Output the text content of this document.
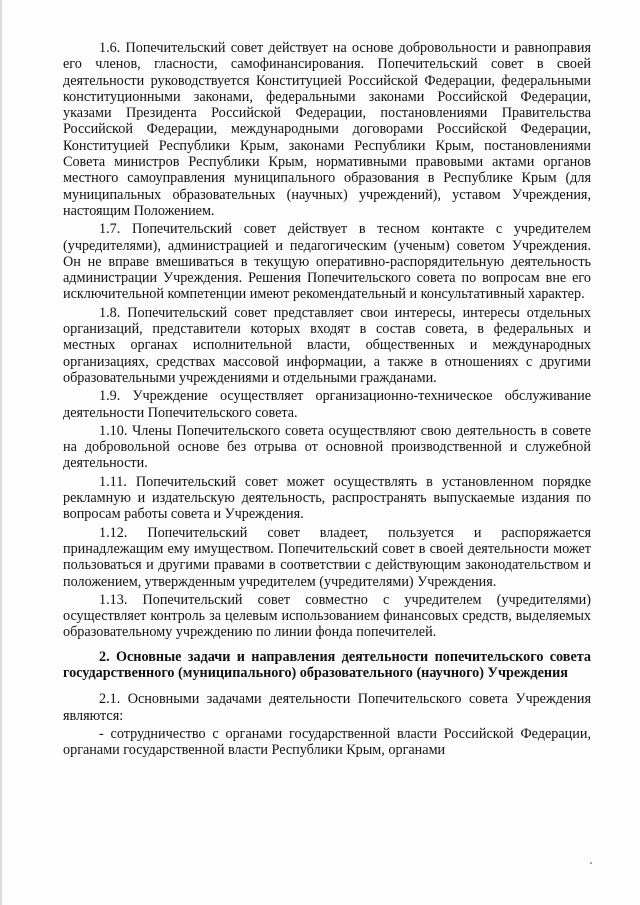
1.6. Попечительский совет действует на основе добровольности и равноправия его членов, гласности, самофинансирования. Попечительский совет в своей деятельности руководствуется Конституцией Российской Федерации, федеральными конституционными законами, федеральными законами Российской Федерации, указами Президента Российской Федерации, постановлениями Правительства Российской Федерации, международными договорами Российской Федерации, Конституцией Республики Крым, законами Республики Крым, постановлениями Совета министров Республики Крым, нормативными правовыми актами органов местного самоуправления муниципального образования в Республике Крым (для муниципальных образовательных (научных) учреждений), уставом Учреждения, настоящим Положением.

1.7. Попечительский совет действует в тесном контакте с учредителем (учредителями), администрацией и педагогическим (ученым) советом Учреждения. Он не вправе вмешиваться в текущую оперативно-распорядительную деятельность администрации Учреждения. Решения Попечительского совета по вопросам вне его исключительной компетенции имеют рекомендательный и консультативный характер.

1.8. Попечительский совет представляет свои интересы, интересы отдельных организаций, представители которых входят в состав совета, в федеральных и местных органах исполнительной власти, общественных и международных организациях, средствах массовой информации, а также в отношениях с другими образовательными учреждениями и отдельными гражданами.

1.9. Учреждение осуществляет организационно-техническое обслуживание деятельности Попечительского совета.

1.10. Члены Попечительского совета осуществляют свою деятельность в совете на добровольной основе без отрыва от основной производственной и служебной деятельности.

1.11. Попечительский совет может осуществлять в установленном порядке рекламную и издательскую деятельность, распространять выпускаемые издания по вопросам работы совета и Учреждения.

1.12. Попечительский совет владеет, пользуется и распоряжается принадлежащим ему имуществом. Попечительский совет в своей деятельности может пользоваться и другими правами в соответствии с действующим законодательством и положением, утвержденным учредителем (учредителями) Учреждения.

1.13. Попечительский совет совместно с учредителем (учредителями) осуществляет контроль за целевым использованием финансовых средств, выделяемых образовательному учреждению по линии фонда попечителей.

2. Основные задачи и направления деятельности попечительского совета государственного (муниципального) образовательного (научного) Учреждения

2.1. Основными задачами деятельности Попечительского совета Учреждения являются:

- сотрудничество с органами государственной власти Российской Федерации, органами государственной власти Республики Крым, органами
